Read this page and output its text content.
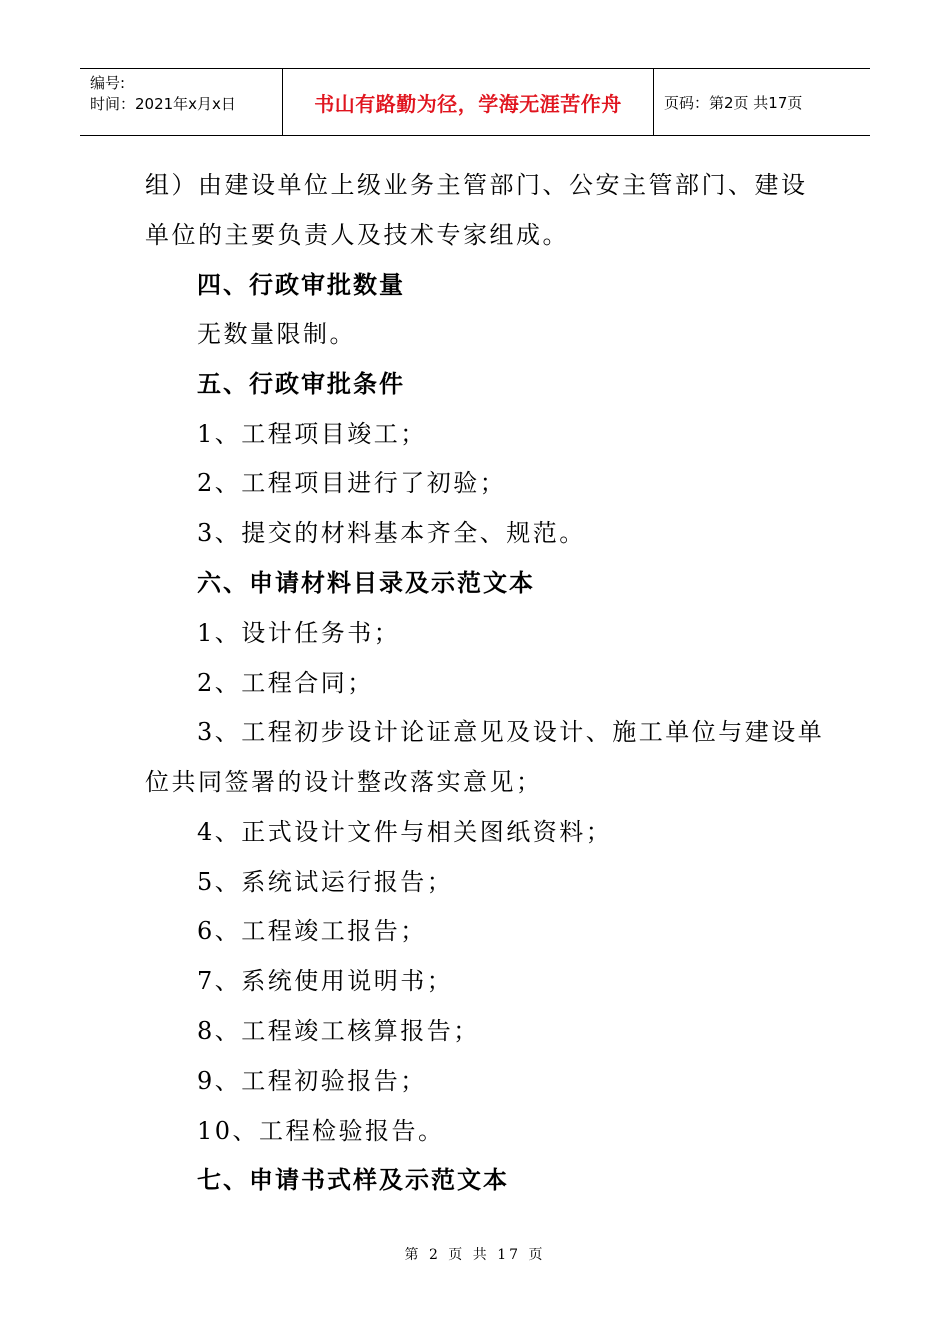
编号:
时间：2021年x月x日	书山有路勤为径，学海无涯苦作舟	页码：第2页 共17页
组）由建设单位上级业务主管部门、公安主管部门、建设
单位的主要负责人及技术专家组成。
四、行政审批数量
无数量限制。
五、行政审批条件
1、工程项目竣工；
2、工程项目进行了初验；
3、提交的材料基本齐全、规范。
六、申请材料目录及示范文本
1、设计任务书；
2、工程合同；
3、工程初步设计论证意见及设计、施工单位与建设单
位共同签署的设计整改落实意见；
4、正式设计文件与相关图纸资料；
5、系统试运行报告；
6、工程竣工报告；
7、系统使用说明书；
8、工程竣工核算报告；
9、工程初验报告；
10、工程检验报告。
七、申请书式样及示范文本
第 2 页 共 17 页
